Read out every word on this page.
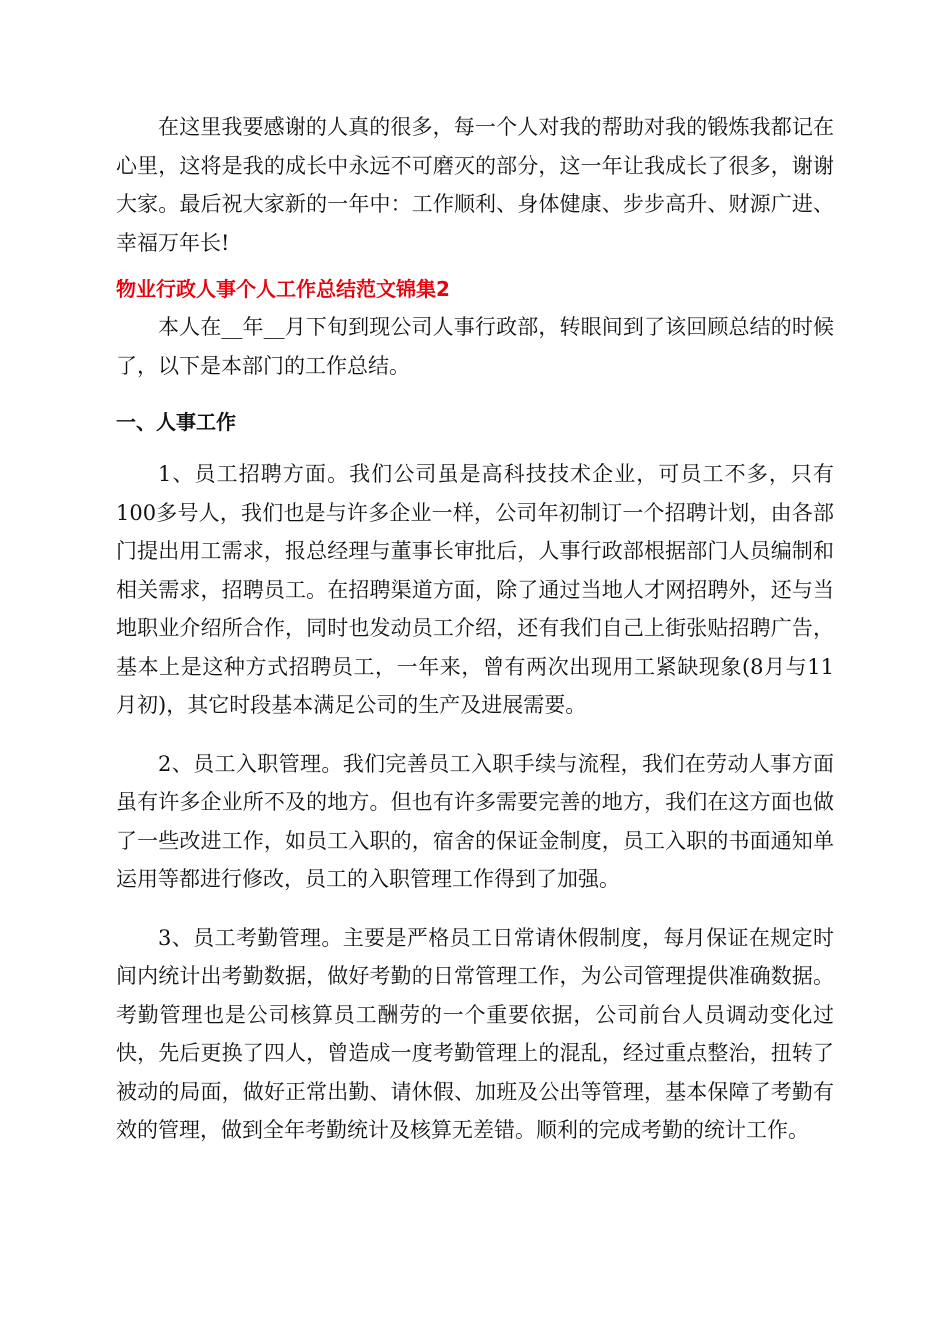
在这里我要感谢的人真的很多，每一个人对我的帮助对我的锻炼我都记在心里，这将是我的成长中永远不可磨灭的部分，这一年让我成长了很多，谢谢大家。最后祝大家新的一年中：工作顺利、身体健康、步步高升、财源广进、幸福万年长!

物业行政人事个人工作总结范文锦集2

本人在__年__月下旬到现公司人事行政部，转眼间到了该回顾总结的时候了，以下是本部门的工作总结。

一、人事工作

1、员工招聘方面。我们公司虽是高科技技术企业，可员工不多，只有100多号人，我们也是与许多企业一样，公司年初制订一个招聘计划，由各部门提出用工需求，报总经理与董事长审批后，人事行政部根据部门人员编制和相关需求，招聘员工。在招聘渠道方面，除了通过当地人才网招聘外，还与当地职业介绍所合作，同时也发动员工介绍，还有我们自己上街张贴招聘广告，基本上是这种方式招聘员工，一年来，曾有两次出现用工紧缺现象(8月与11月初)，其它时段基本满足公司的生产及进展需要。

2、员工入职管理。我们完善员工入职手续与流程，我们在劳动人事方面虽有许多企业所不及的地方。但也有许多需要完善的地方，我们在这方面也做了一些改进工作，如员工入职的，宿舍的保证金制度，员工入职的书面通知单运用等都进行修改，员工的入职管理工作得到了加强。

3、员工考勤管理。主要是严格员工日常请休假制度，每月保证在规定时间内统计出考勤数据，做好考勤的日常管理工作，为公司管理提供准确数据。考勤管理也是公司核算员工酬劳的一个重要依据，公司前台人员调动变化过快，先后更换了四人，曾造成一度考勤管理上的混乱，经过重点整治，扭转了被动的局面，做好正常出勤、请休假、加班及公出等管理，基本保障了考勤有效的管理，做到全年考勤统计及核算无差错。顺利的完成考勤的统计工作。
